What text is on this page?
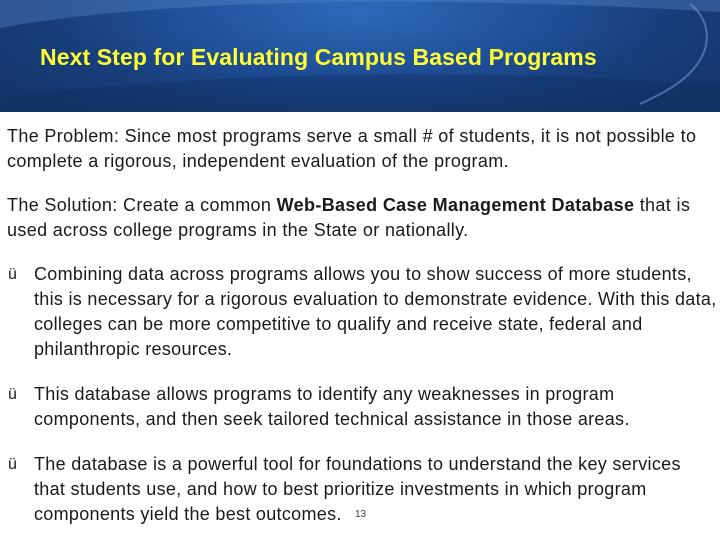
Next Step for Evaluating Campus Based Programs

The Problem: Since most programs serve a small # of students, it is not possible to complete a rigorous, independent evaluation of the program.

The Solution: Create a common Web-Based Case Management Database that is used across college programs in the State or nationally.

ü Combining data across programs allows you to show success of more students, this is necessary for a rigorous evaluation to demonstrate evidence. With this data, colleges can be more competitive to qualify and receive state, federal and philanthropic resources.
ü This database allows programs to identify any weaknesses in program components, and then seek tailored technical assistance in those areas.
ü The database is a powerful tool for foundations to understand the key services that students use, and how to best prioritize investments in which program components yield the best outcomes.	13
